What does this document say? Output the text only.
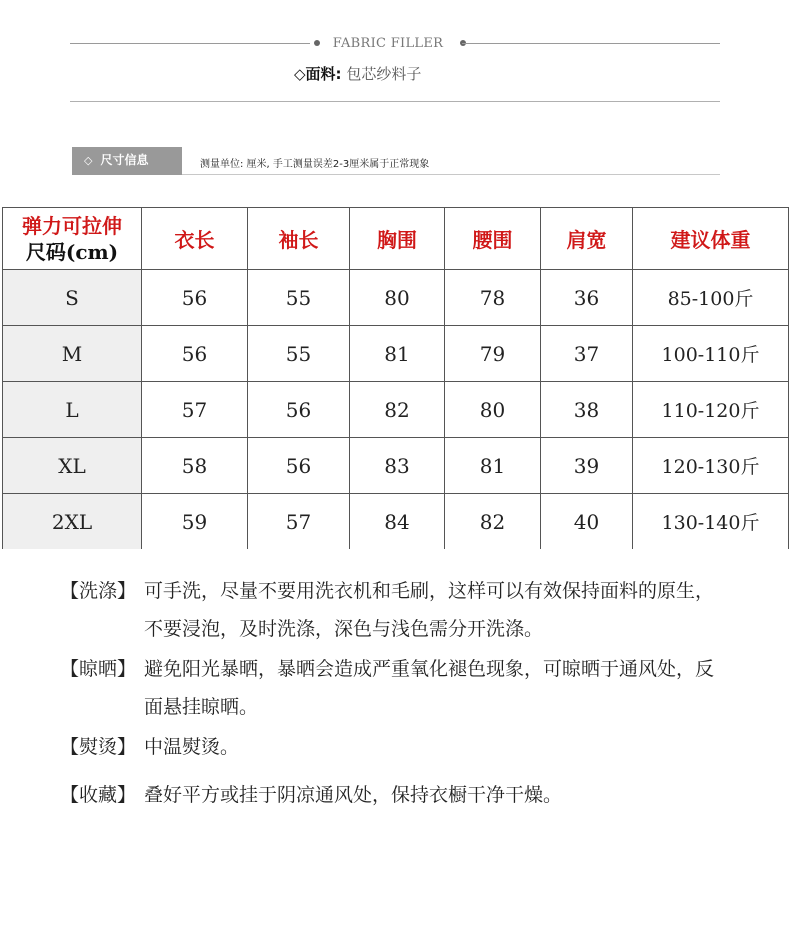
FABRIC FILLER
◇面料: 包芯纱料子
◇ 尺寸信息	测量单位: 厘米, 手工测量误差2-3厘米属于正常现象
弹力可拉伸
尺码(cm)	衣长	袖长	胸围	腰围	肩宽	建议体重
S	56	55	80	78	36	85-100斤
M	56	55	81	79	37	100-110斤
L	57	56	82	80	38	110-120斤
XL	58	56	83	81	39	120-130斤
2XL	59	57	84	82	40	130-140斤
【洗涤】 可手洗，尽量不要用洗衣机和毛刷，这样可以有效保持面料的原生，不要浸泡，及时洗涤，深色与浅色需分开洗涤。
【晾晒】 避免阳光暴晒，暴晒会造成严重氧化褪色现象，可晾晒于通风处，反面悬挂晾晒。
【熨烫】 中温熨烫。
【收藏】 叠好平方或挂于阴凉通风处，保持衣橱干净干燥。
